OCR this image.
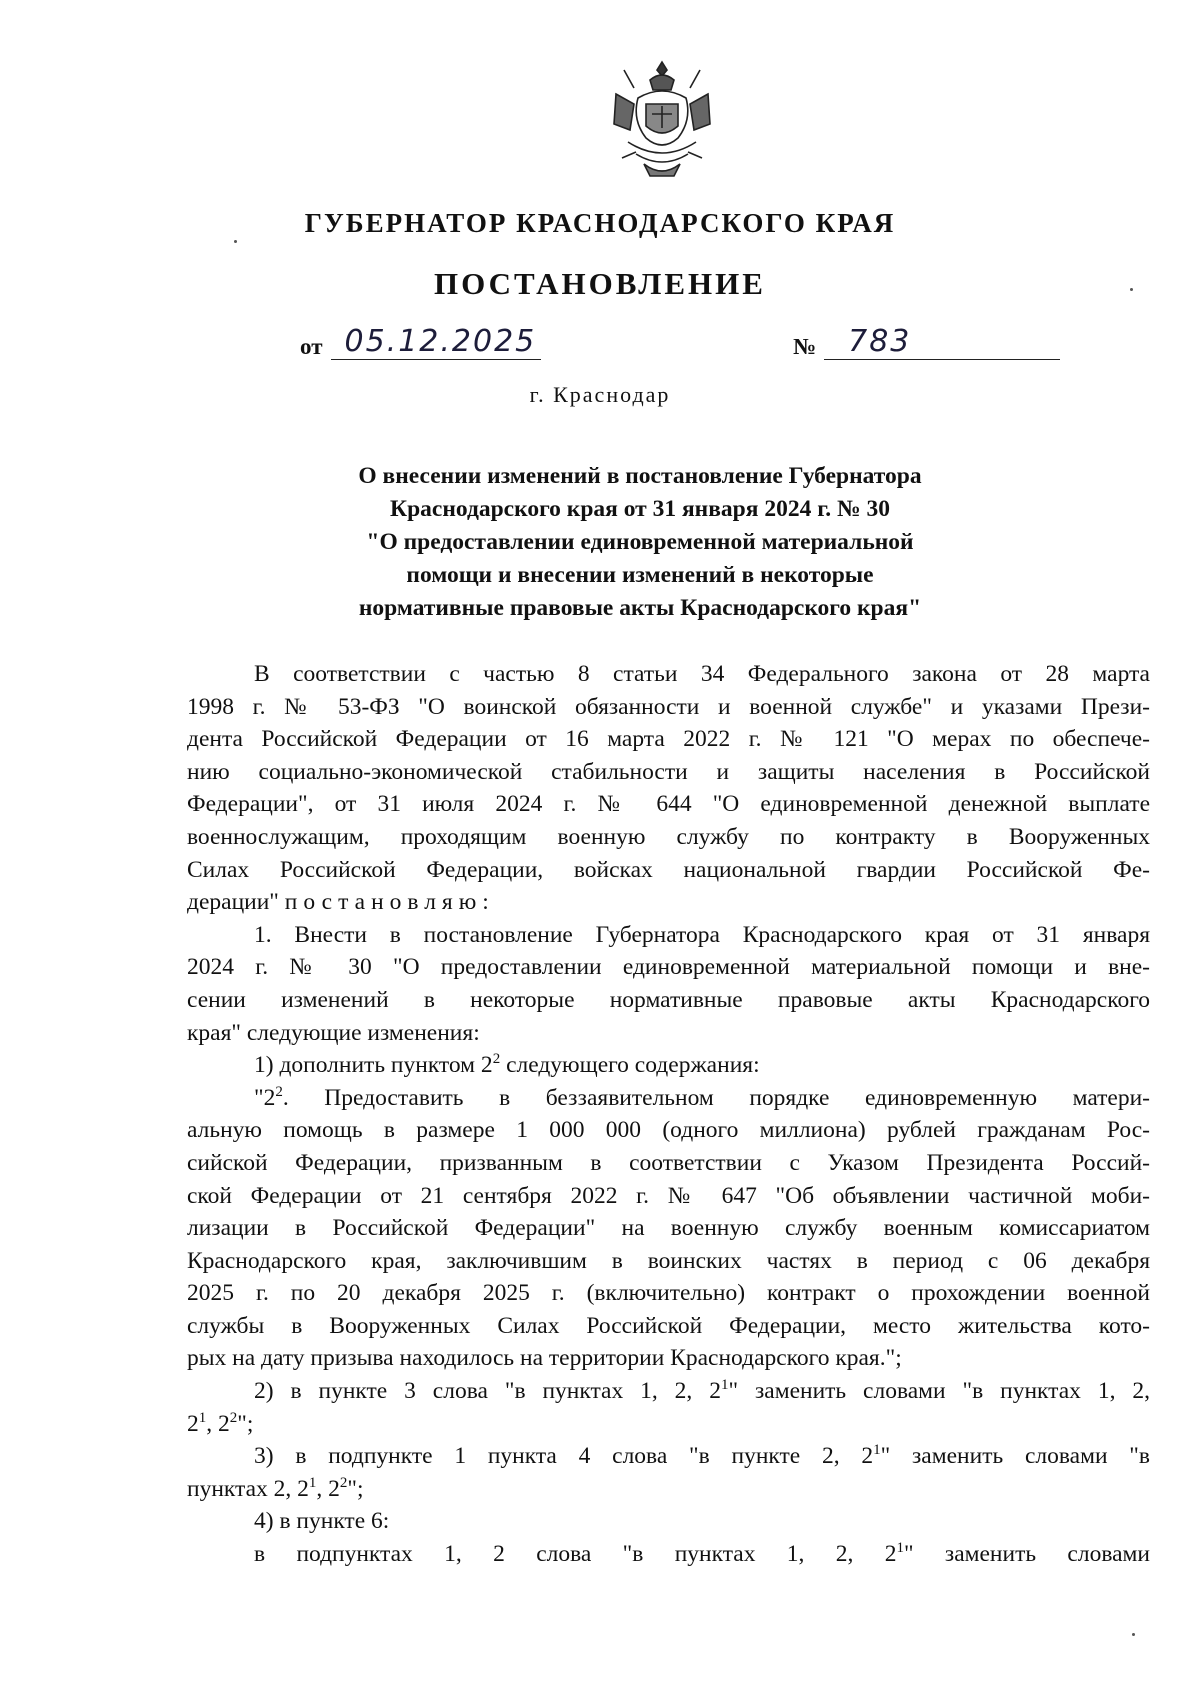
ГУБЕРНАТОР КРАСНОДАРСКОГО КРАЯ
ПОСТАНОВЛЕНИЕ
от 05.12.2025	№ 783
г. Краснодар
О внесении изменений в постановление Губернатора
Краснодарского края от 31 января 2024 г. № 30
"О предоставлении единовременной материальной
помощи и внесении изменений в некоторые
нормативные правовые акты Краснодарского края"
В соответствии с частью 8 статьи 34 Федерального закона от 28 марта
1998 г. № 53-ФЗ "О воинской обязанности и военной службе" и указами Прези-
дента Российской Федерации от 16 марта 2022 г. № 121 "О мерах по обеспече-
нию социально-экономической стабильности и защиты населения в Российской
Федерации", от 31 июля 2024 г. № 644 "О единовременной денежной выплате
военнослужащим, проходящим военную службу по контракту в Вооруженных
Силах Российской Федерации, войсках национальной гвардии Российской Фе-
дерации" постановляю:
1. Внести в постановление Губернатора Краснодарского края от 31 января
2024 г. № 30 "О предоставлении единовременной материальной помощи и вне-
сении изменений в некоторые нормативные правовые акты Краснодарского
края" следующие изменения:
1) дополнить пунктом $2^2$ следующего содержания:
"$2^2$. Предоставить в беззаявительном порядке единовременную матери-
альную помощь в размере 1 000 000 (одного миллиона) рублей гражданам Рос-
сийской Федерации, призванным в соответствии с Указом Президента Россий-
ской Федерации от 21 сентября 2022 г. № 647 "Об объявлении частичной моби-
лизации в Российской Федерации" на военную службу военным комиссариатом
Краснодарского края, заключившим в воинских частях в период с 06 декабря
2025 г. по 20 декабря 2025 г. (включительно) контракт о прохождении военной
службы в Вооруженных Силах Российской Федерации, место жительства кото-
рых на дату призыва находилось на территории Краснодарского края.";
2) в пункте 3 слова "в пунктах 1, 2, $2^1$" заменить словами "в пунктах 1, 2,
$2^1$, $2^2$";
3) в подпункте 1 пункта 4 слова "в пункте 2, $2^1$" заменить словами "в
пунктах 2, $2^1$, $2^2$";
4) в пункте 6:
в подпунктах 1, 2 слова "в пунктах 1, 2, $2^1$" заменить словами
